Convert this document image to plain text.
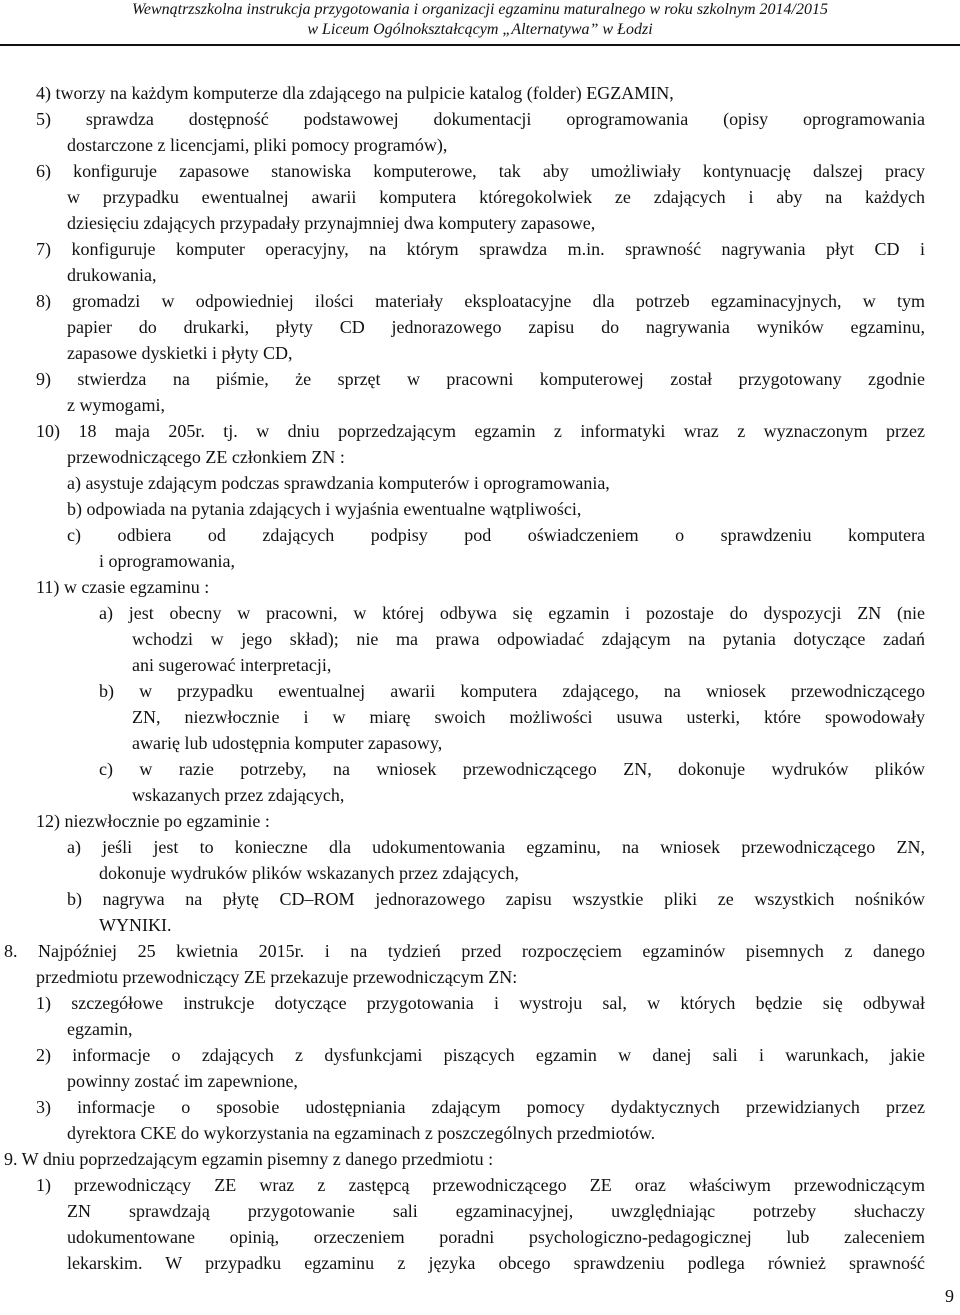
Wewnątrzszkolna instrukcja przygotowania i organizacji egzaminu maturalnego w roku szkolnym 2014/2015
w Liceum Ogólnokształcącym „Alternatywa” w Łodzi
4) tworzy na każdym komputerze dla zdającego na pulpicie katalog (folder) EGZAMIN,
5) sprawdza dostępność podstawowej dokumentacji oprogramowania (opisy oprogramowania
dostarczone z licencjami, pliki pomocy programów),
6) konfiguruje zapasowe stanowiska komputerowe, tak aby umożliwiały kontynuację dalszej pracy
w przypadku ewentualnej awarii komputera któregokolwiek ze zdających i aby na każdych
dziesięciu zdających przypadały przynajmniej dwa komputery zapasowe,
7) konfiguruje komputer operacyjny, na którym sprawdza m.in. sprawność nagrywania płyt CD i
drukowania,
8) gromadzi w odpowiedniej ilości materiały eksploatacyjne dla potrzeb egzaminacyjnych, w tym
papier do drukarki, płyty CD jednorazowego zapisu do nagrywania wyników egzaminu,
zapasowe dyskietki i płyty CD,
9) stwierdza na piśmie, że sprzęt w pracowni komputerowej został przygotowany zgodnie
z wymogami,
10) 18 maja 205r. tj. w dniu poprzedzającym egzamin z informatyki wraz z wyznaczonym przez
przewodniczącego ZE członkiem ZN :
a) asystuje zdającym podczas sprawdzania komputerów i oprogramowania,
b) odpowiada na pytania zdających i wyjaśnia ewentualne wątpliwości,
c) odbiera od zdających podpisy pod oświadczeniem o sprawdzeniu komputera
i oprogramowania,
11) w czasie egzaminu :
a) jest obecny w pracowni, w której odbywa się egzamin i pozostaje do dyspozycji ZN (nie
wchodzi w jego skład); nie ma prawa odpowiadać zdającym na pytania dotyczące zadań
ani sugerować interpretacji,
b) w przypadku ewentualnej awarii komputera zdającego, na wniosek przewodniczącego
ZN, niezwłocznie i w miarę swoich możliwości usuwa usterki, które spowodowały
awarię lub udostępnia komputer zapasowy,
c) w razie potrzeby, na wniosek przewodniczącego ZN, dokonuje wydruków plików
wskazanych przez zdających,
12) niezwłocznie po egzaminie :
a) jeśli jest to konieczne dla udokumentowania egzaminu, na wniosek przewodniczącego ZN,
dokonuje wydruków plików wskazanych przez zdających,
b) nagrywa na płytę CD–ROM jednorazowego zapisu wszystkie pliki ze wszystkich nośników
WYNIKI.
8. Najpóźniej 25 kwietnia 2015r. i na tydzień przed rozpoczęciem egzaminów pisemnych z danego
przedmiotu przewodniczący ZE przekazuje przewodniczącym ZN:
1) szczegółowe instrukcje dotyczące przygotowania i wystroju sal, w których będzie się odbywał
egzamin,
2) informacje o zdających z dysfunkcjami piszących egzamin w danej sali i warunkach, jakie
powinny zostać im zapewnione,
3) informacje o sposobie udostępniania zdającym pomocy dydaktycznych przewidzianych przez
dyrektora CKE do wykorzystania na egzaminach z poszczególnych przedmiotów.
9. W dniu poprzedzającym egzamin pisemny z danego przedmiotu :
1) przewodniczący ZE wraz z zastępcą przewodniczącego ZE oraz właściwym przewodniczącym
ZN sprawdzają przygotowanie sali egzaminacyjnej, uwzględniając potrzeby słuchaczy
udokumentowane opinią, orzeczeniem poradni psychologiczno-pedagogicznej lub zaleceniem
lekarskim. W przypadku egzaminu z języka obcego sprawdzeniu podlega również sprawność
9
